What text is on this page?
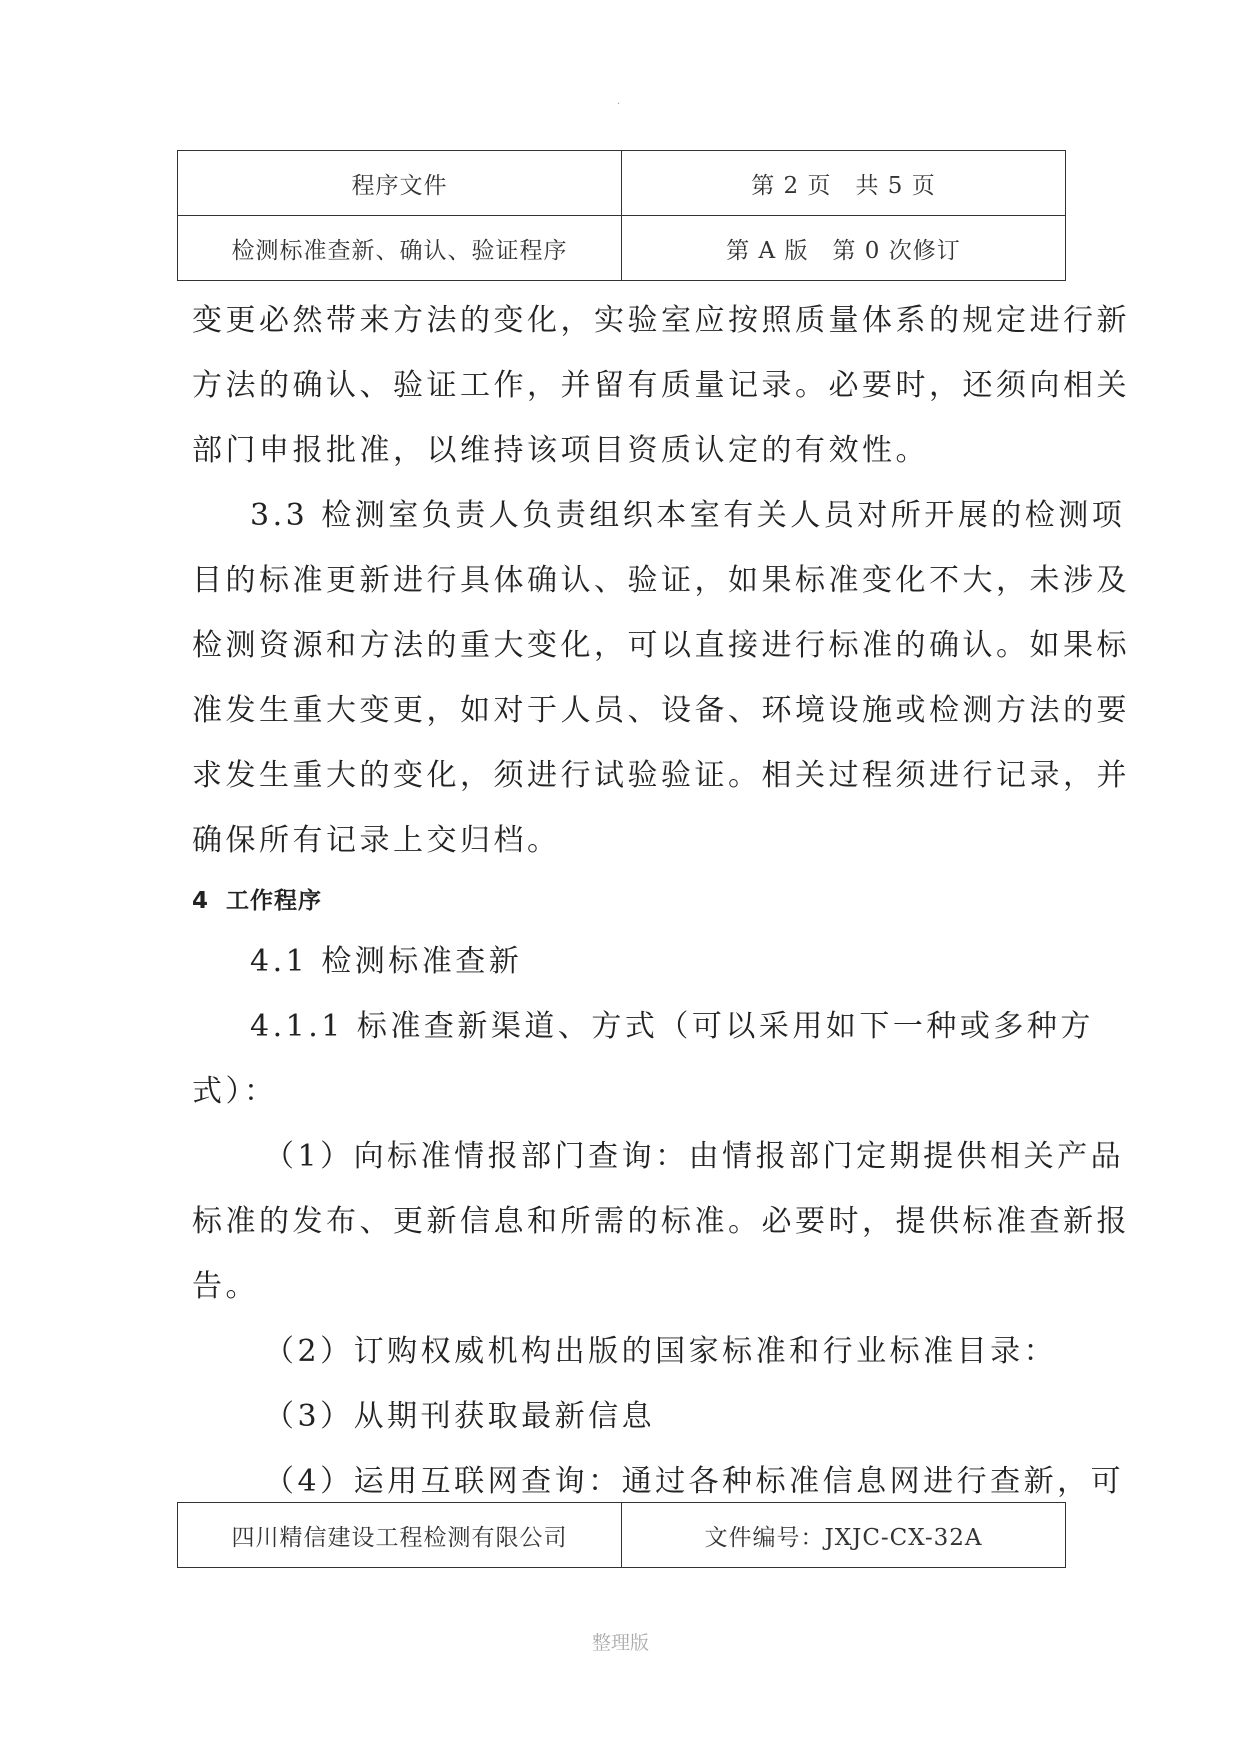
.
程序文件	第 2 页　共 5 页
检测标准查新、确认、验证程序	第 A 版　第 0 次修订

变更必然带来方法的变化，实验室应按照质量体系的规定进行新

方法的确认、验证工作，并留有质量记录。必要时，还须向相关

部门申报批准，以维持该项目资质认定的有效性。

3.3 检测室负责人负责组织本室有关人员对所开展的检测项

目的标准更新进行具体确认、验证，如果标准变化不大，未涉及

检测资源和方法的重大变化，可以直接进行标准的确认。如果标

准发生重大变更，如对于人员、设备、环境设施或检测方法的要

求发生重大的变化，须进行试验验证。相关过程须进行记录，并

确保所有记录上交归档。

4 工作程序

4.1 检测标准查新

4.1.1 标准查新渠道、方式（可以采用如下一种或多种方

式）：

（1）向标准情报部门查询：由情报部门定期提供相关产品

标准的发布、更新信息和所需的标准。必要时，提供标准查新报

告。

（2）订购权威机构出版的国家标准和行业标准目录：

（3）从期刊获取最新信息

（4）运用互联网查询：通过各种标准信息网进行查新，可

四川精信建设工程检测有限公司	文件编号：JXJC-CX-32A
整理版
